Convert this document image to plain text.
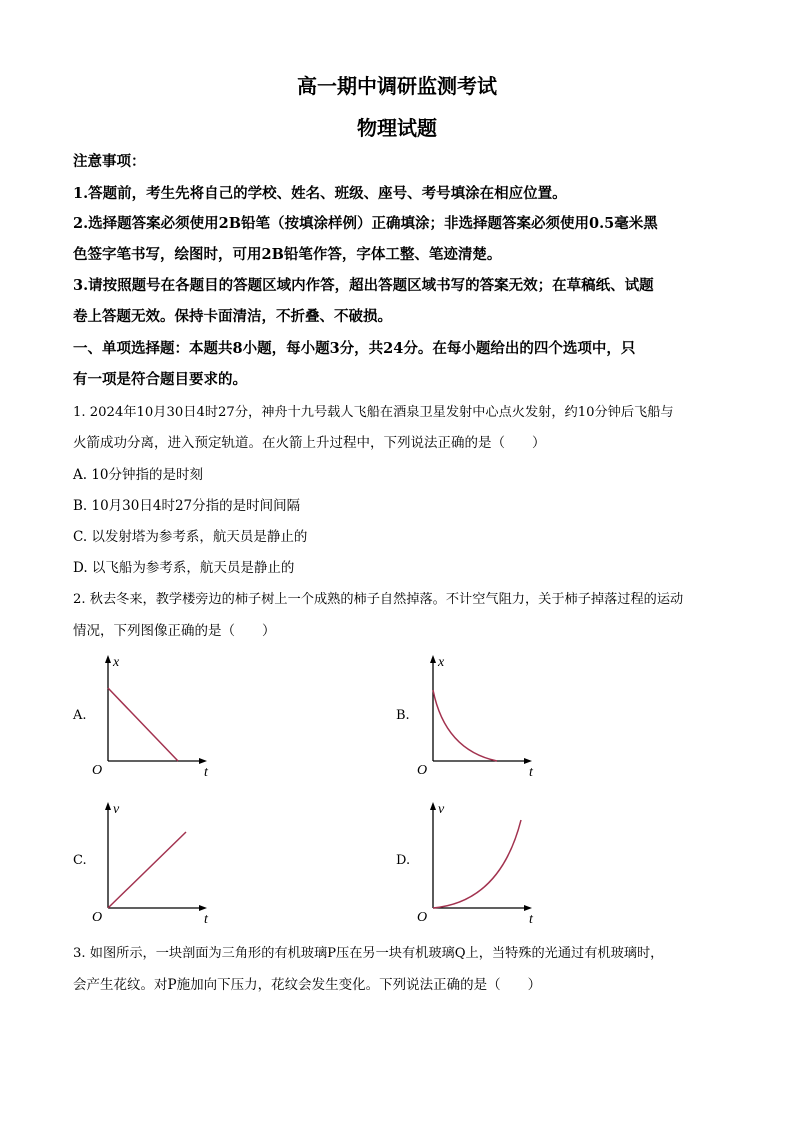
高一期中调研监测考试
物理试题
注意事项：
1.答题前，考生先将自己的学校、姓名、班级、座号、考号填涂在相应位置。
2.选择题答案必须使用2B铅笔（按填涂样例）正确填涂；非选择题答案必须使用0.5毫米黑
色签字笔书写，绘图时，可用2B铅笔作答，字体工整、笔迹清楚。
3.请按照题号在各题目的答题区域内作答，超出答题区域书写的答案无效；在草稿纸、试题
卷上答题无效。保持卡面清洁，不折叠、不破损。
一、单项选择题：本题共8小题，每小题3分，共24分。在每小题给出的四个选项中，只
有一项是符合题目要求的。
1. 2024年10月30日4时27分，神舟十九号载人飞船在酒泉卫星发射中心点火发射，约10分钟后飞船与
火箭成功分离，进入预定轨道。在火箭上升过程中，下列说法正确的是（　　）
A. 10分钟指的是时刻
B. 10月30日4时27分指的是时间间隔
C. 以发射塔为参考系，航天员是静止的
D. 以飞船为参考系，航天员是静止的
2. 秋去冬来，教学楼旁边的柿子树上一个成熟的柿子自然掉落。不计空气阻力，关于柿子掉落过程的运动
情况，下列图像正确的是（　　）
A.
x
t
O
B.
x
t
O
C.
v
t
O
D.
v
t
O
3. 如图所示，一块剖面为三角形的有机玻璃P压在另一块有机玻璃Q上，当特殊的光通过有机玻璃时，
会产生花纹。对P施加向下压力，花纹会发生变化。下列说法正确的是（　　）
